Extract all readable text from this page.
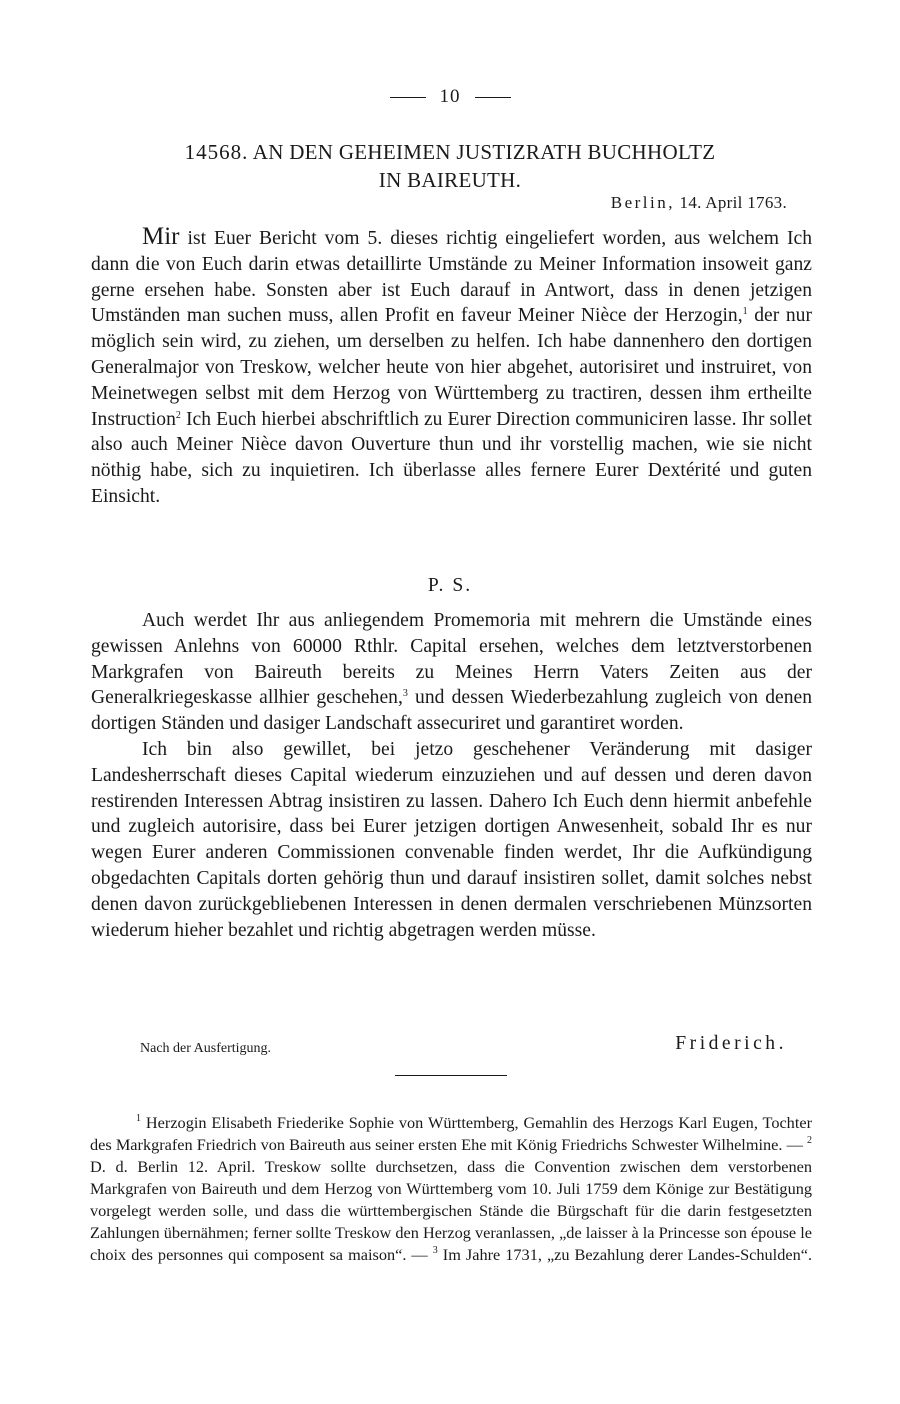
10
14568. AN DEN GEHEIMEN JUSTIZRATH BUCHHOLTZ
IN BAIREUTH.
Berlin, 14. April 1763.

Mir ist Euer Bericht vom 5. dieses richtig eingeliefert worden, aus welchem Ich dann die von Euch darin etwas detaillirte Umstände zu Meiner Information insoweit ganz gerne ersehen habe. Sonsten aber ist Euch darauf in Antwort, dass in denen jetzigen Umständen man suchen muss, allen Profit en faveur Meiner Nièce der Herzogin,$^1$ der nur möglich sein wird, zu ziehen, um derselben zu helfen. Ich habe dannenhero den dortigen Generalmajor von Treskow, welcher heute von hier abgehet, autorisiret und instruiret, von Meinetwegen selbst mit dem Herzog von Württemberg zu tractiren, dessen ihm ertheilte Instruction$^2$ Ich Euch hierbei abschriftlich zu Eurer Direction communiciren lasse. Ihr sollet also auch Meiner Nièce davon Ouverture thun und ihr vorstellig machen, wie sie nicht nöthig habe, sich zu inquietiren. Ich überlasse alles fernere Eurer Dextérité und guten Einsicht.

P. S.

Auch werdet Ihr aus anliegendem Promemoria mit mehrern die Umstände eines gewissen Anlehns von 60000 Rthlr. Capital ersehen, welches dem letztverstorbenen Markgrafen von Baireuth bereits zu Meines Herrn Vaters Zeiten aus der Generalkriegeskasse allhier geschehen,$^3$ und dessen Wiederbezahlung zugleich von denen dortigen Ständen und dasiger Landschaft assecuriret und garantiret worden.

Ich bin also gewillet, bei jetzo geschehener Veränderung mit dasiger Landesherrschaft dieses Capital wiederum einzuziehen und auf dessen und deren davon restirenden Interessen Abtrag insistiren zu lassen. Dahero Ich Euch denn hiermit anbefehle und zugleich autorisire, dass bei Eurer jetzigen dortigen Anwesenheit, sobald Ihr es nur wegen Eurer anderen Commissionen convenable finden werdet, Ihr die Aufkündigung obgedachten Capitals dorten gehörig thun und darauf insistiren sollet, damit solches nebst denen davon zurückgebliebenen Interessen in denen dermalen verschriebenen Münzsorten wiederum hieher bezahlet und richtig abgetragen werden müsse.

Nach der Ausfertigung.	Friderich.

$^1$ Herzogin Elisabeth Friederike Sophie von Württemberg, Gemahlin des Herzogs Karl Eugen, Tochter des Markgrafen Friedrich von Baireuth aus seiner ersten Ehe mit König Friedrichs Schwester Wilhelmine. — $^2$ D. d. Berlin 12. April. Treskow sollte durchsetzen, dass die Convention zwischen dem verstorbenen Markgrafen von Baireuth und dem Herzog von Württemberg vom 10. Juli 1759 dem Könige zur Bestätigung vorgelegt werden solle, und dass die württembergischen Stände die Bürgschaft für die darin festgesetzten Zahlungen übernähmen; ferner sollte Treskow den Herzog veranlassen, „de laisser à la Princesse son épouse le choix des personnes qui composent sa maison“. — $^3$ Im Jahre 1731, „zu Bezahlung derer Landes-Schulden“.
